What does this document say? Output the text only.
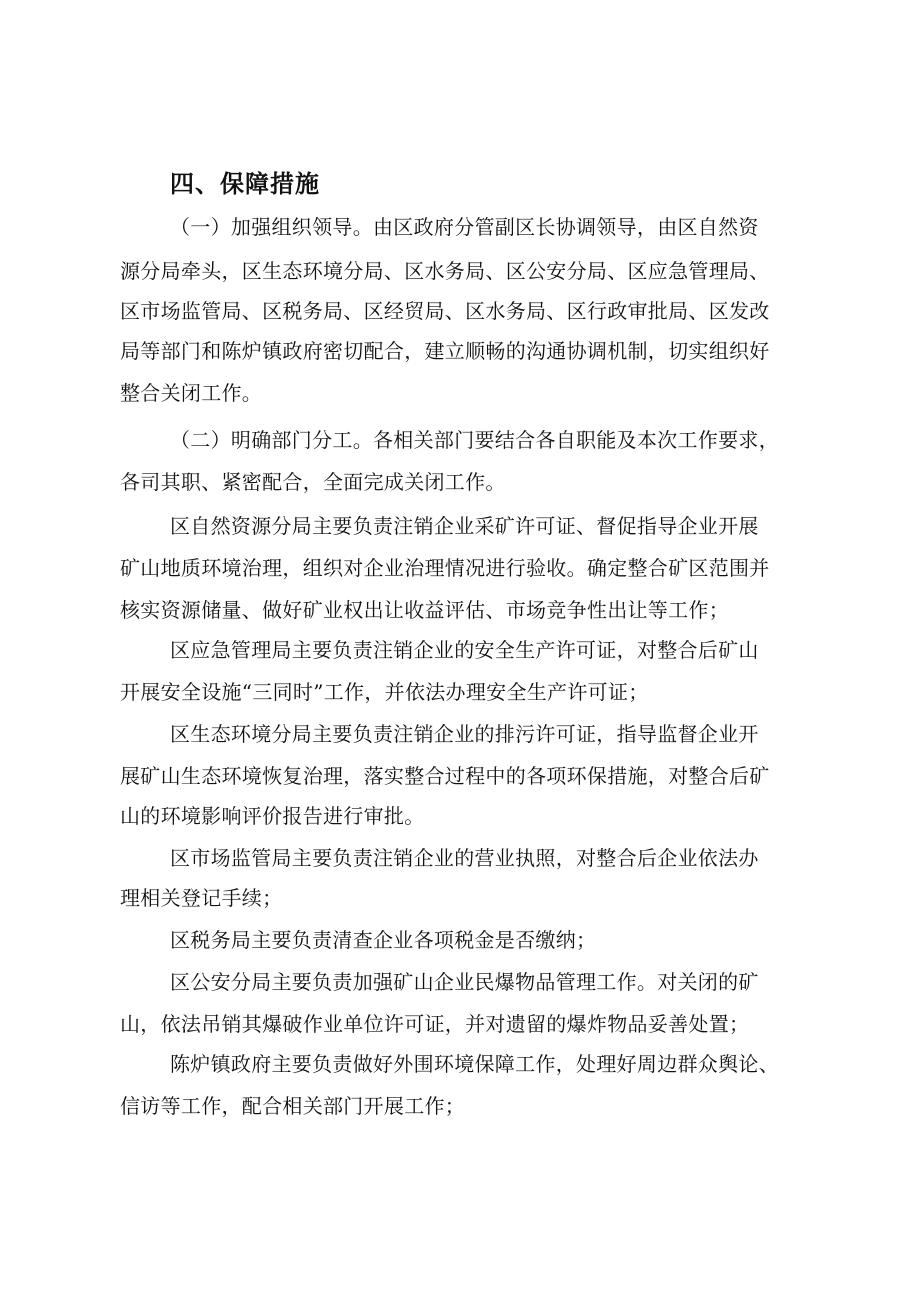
四、保障措施
（一）加强组织领导。由区政府分管副区长协调领导，由区自然资
源分局牵头，区生态环境分局、区水务局、区公安分局、区应急管理局、
区市场监管局、区税务局、区经贸局、区水务局、区行政审批局、区发改
局等部门和陈炉镇政府密切配合，建立顺畅的沟通协调机制，切实组织好
整合关闭工作。
（二）明确部门分工。各相关部门要结合各自职能及本次工作要求，
各司其职、紧密配合，全面完成关闭工作。
区自然资源分局主要负责注销企业采矿许可证、督促指导企业开展
矿山地质环境治理，组织对企业治理情况进行验收。确定整合矿区范围并
核实资源储量、做好矿业权出让收益评估、市场竞争性出让等工作；
区应急管理局主要负责注销企业的安全生产许可证，对整合后矿山
开展安全设施“三同时”工作，并依法办理安全生产许可证；
区生态环境分局主要负责注销企业的排污许可证，指导监督企业开
展矿山生态环境恢复治理，落实整合过程中的各项环保措施，对整合后矿
山的环境影响评价报告进行审批。
区市场监管局主要负责注销企业的营业执照，对整合后企业依法办
理相关登记手续；
区税务局主要负责清查企业各项税金是否缴纳；
区公安分局主要负责加强矿山企业民爆物品管理工作。对关闭的矿
山，依法吊销其爆破作业单位许可证，并对遗留的爆炸物品妥善处置；
陈炉镇政府主要负责做好外围环境保障工作，处理好周边群众舆论、
信访等工作，配合相关部门开展工作；
